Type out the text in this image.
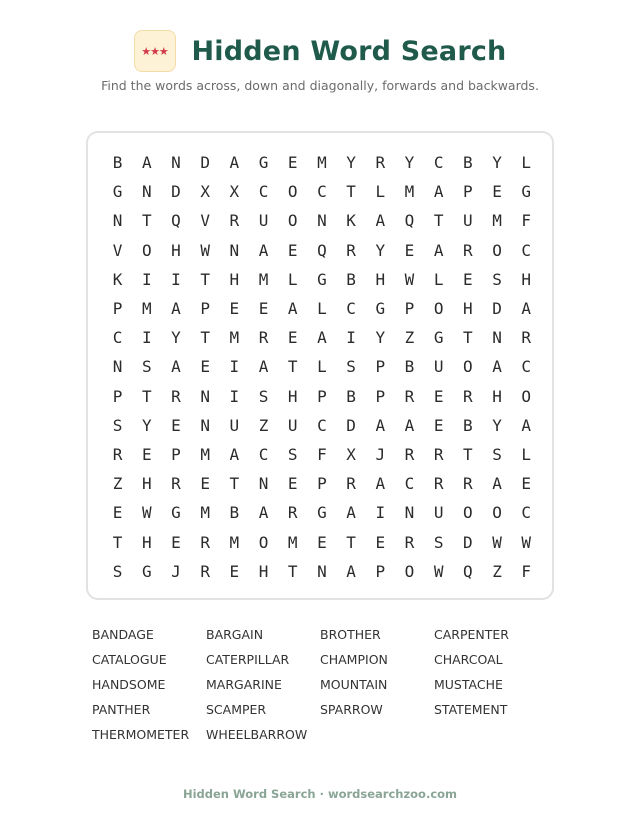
★★★ Hidden Word Search
Find the words across, down and diagonally, forwards and backwards.
B	A	N	D	A	G	E	M	Y	R	Y	C	B	Y	L
G	N	D	X	X	C	O	C	T	L	M	A	P	E	G
N	T	Q	V	R	U	O	N	K	A	Q	T	U	M	F
V	O	H	W	N	A	E	Q	R	Y	E	A	R	O	C
K	I	I	T	H	M	L	G	B	H	W	L	E	S	H
P	M	A	P	E	E	A	L	C	G	P	O	H	D	A
C	I	Y	T	M	R	E	A	I	Y	Z	G	T	N	R
N	S	A	E	I	A	T	L	S	P	B	U	O	A	C
P	T	R	N	I	S	H	P	B	P	R	E	R	H	O
S	Y	E	N	U	Z	U	C	D	A	A	E	B	Y	A
R	E	P	M	A	C	S	F	X	J	R	R	T	S	L
Z	H	R	E	T	N	E	P	R	A	C	R	R	A	E
E	W	G	M	B	A	R	G	A	I	N	U	O	O	C
T	H	E	R	M	O	M	E	T	E	R	S	D	W	W
S	G	J	R	E	H	T	N	A	P	O	W	Q	Z	F
BANDAGE	BARGAIN	BROTHER	CARPENTER
CATALOGUE	CATERPILLAR	CHAMPION	CHARCOAL
HANDSOME	MARGARINE	MOUNTAIN	MUSTACHE
PANTHER	SCAMPER	SPARROW	STATEMENT
THERMOMETER	WHEELBARROW
Hidden Word Search · wordsearchzoo.com
